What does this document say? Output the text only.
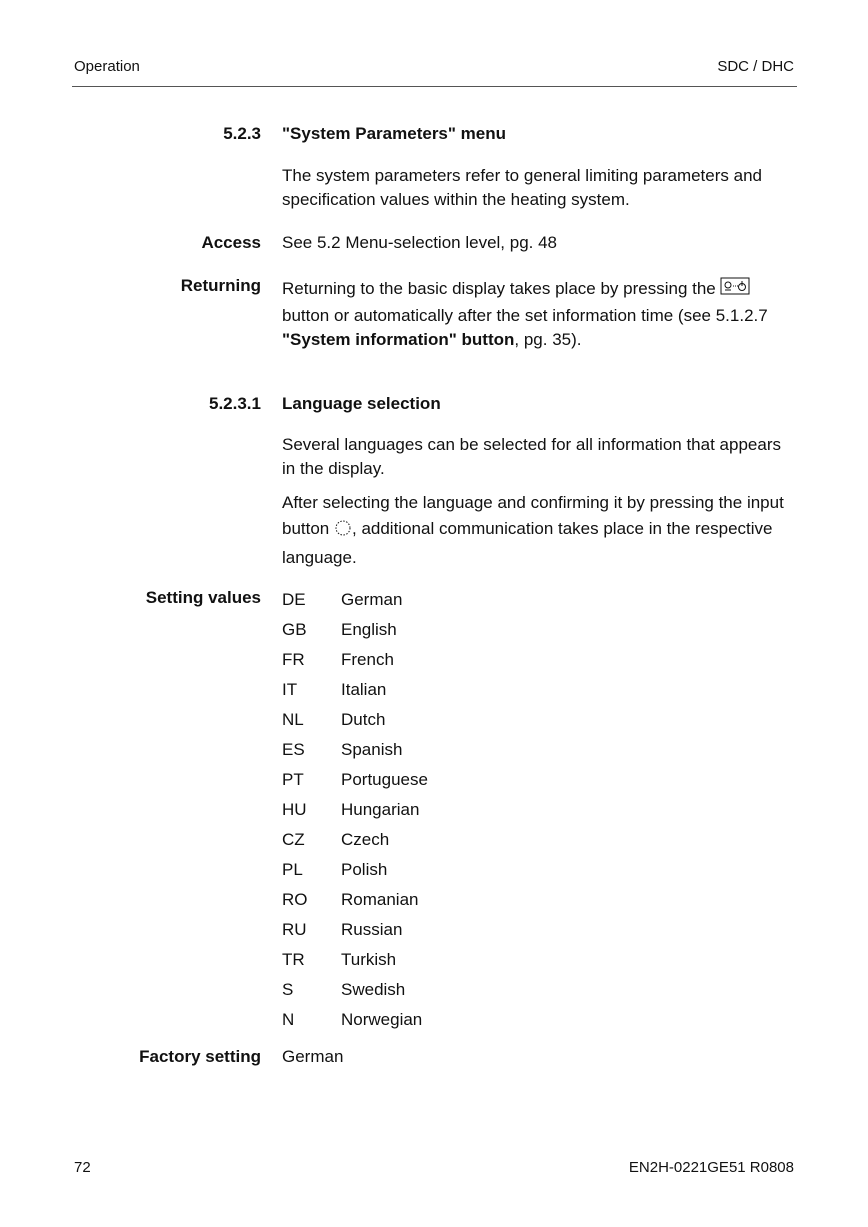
Operation	SDC / DHC
5.2.3 "System Parameters" menu

The system parameters refer to general limiting parameters and specification values within the heating system.

Access See 5.2 Menu-selection level, pg. 48
Returning Returning to the basic display takes place by pressing the  button or automatically after the set information time (see 5.1.2.7 "System information" button, pg. 35).
5.2.3.1 Language selection

Several languages can be selected for all information that appears in the display.

After selecting the language and confirming it by pressing the input button , additional communication takes place in the respective language.
Setting values DE	German
GB	English
FR	French
IT	Italian
NL	Dutch
ES	Spanish
PT	Portuguese
HU	Hungarian
CZ	Czech
PL	Polish
RO	Romanian
RU	Russian
TR	Turkish
S	Swedish
N	Norwegian
Factory setting German
72	EN2H-0221GE51 R0808
